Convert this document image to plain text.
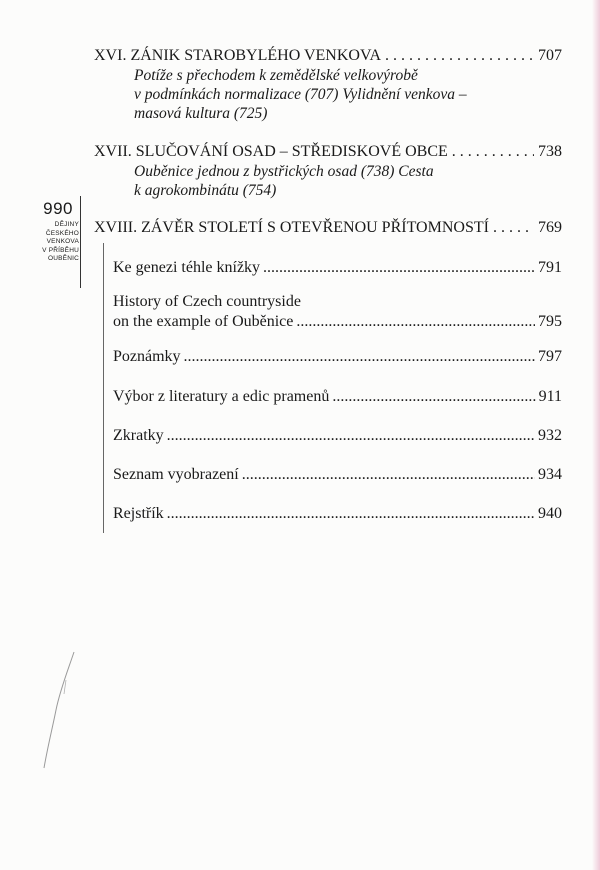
990
DĚJINY
ČESKÉHO
VENKOVA
V PŘÍBĚHU
OUBĚNIC
XVI. ZÁNIK STAROBYLÉHO VENKOVA . . .	707
Potíže s přechodem k zemědělské velkovýrobě
v podmínkách normalizace (707) Vylidnění venkova –
masová kultura (725)
XVII. SLUČOVÁNÍ OSAD – STŘEDISKOVÉ OBCE . . .	738
Ouběnice jednou z bystřických osad (738) Cesta
k agrokombinátu (754)
XVIII. ZÁVĚR STOLETÍ S OTEVŘENOU PŘÍTOMNOSTÍ . . .	769
Ke genezi téhle knížky .....	791
History of Czech countryside
on the example of Ouběnice .....	795
Poznámky .....	797
Výbor z literatury a edic pramenů .....	911
Zkratky .....	932
Seznam vyobrazení .....	934
Rejstřík .....	940
